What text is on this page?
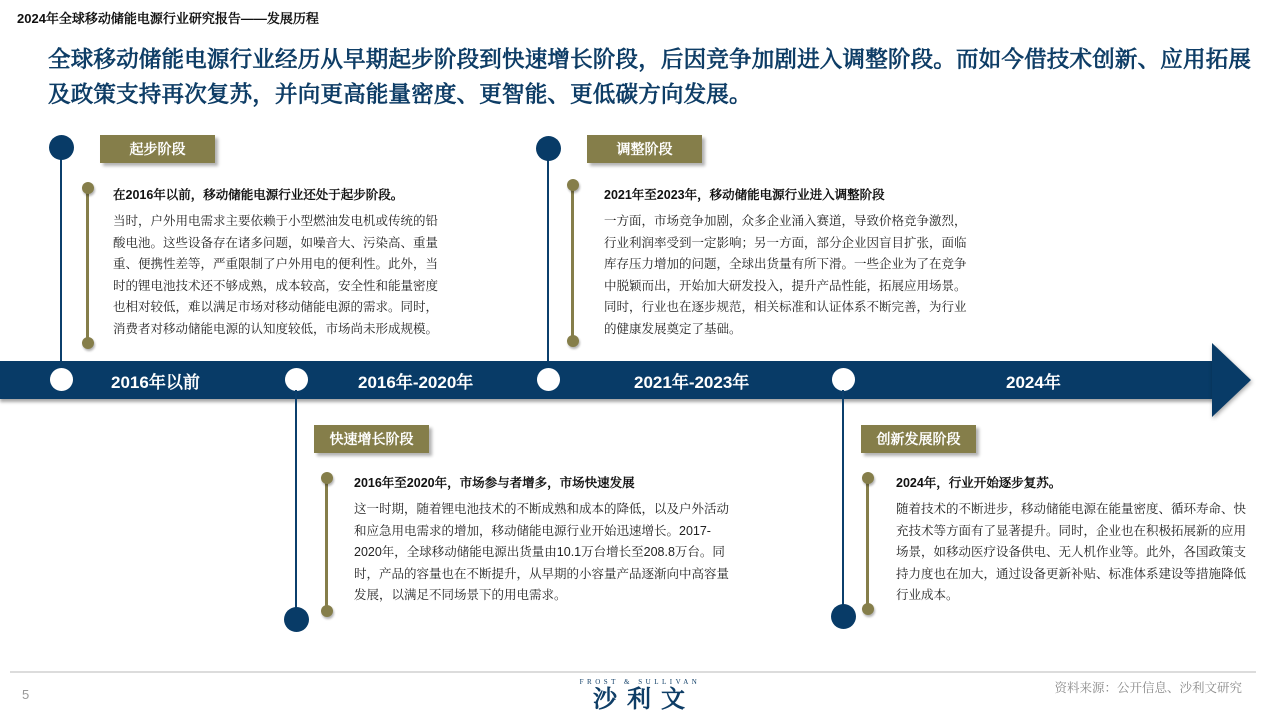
2024年全球移动储能电源行业研究报告——发展历程
全球移动储能电源行业经历从早期起步阶段到快速增长阶段，后因竞争加剧进入调整阶段。而如今借技术创新、应用拓展及政策支持再次复苏，并向更高能量密度、更智能、更低碳方向发展。
起步阶段
在2016年以前，移动储能电源行业还处于起步阶段。
当时，户外用电需求主要依赖于小型燃油发电机或传统的铅酸电池。这些设备存在诸多问题，如噪音大、污染高、重量重、便携性差等，严重限制了户外用电的便利性。此外，当时的锂电池技术还不够成熟，成本较高，安全性和能量密度也相对较低，难以满足市场对移动储能电源的需求。同时，消费者对移动储能电源的认知度较低，市场尚未形成规模。
调整阶段
2021年至2023年，移动储能电源行业进入调整阶段
一方面，市场竞争加剧，众多企业涌入赛道，导致价格竞争激烈，行业利润率受到一定影响；另一方面，部分企业因盲目扩张，面临库存压力增加的问题，全球出货量有所下滑。一些企业为了在竞争中脱颖而出，开始加大研发投入，提升产品性能，拓展应用场景。同时，行业也在逐步规范，相关标准和认证体系不断完善，为行业的健康发展奠定了基础。
2016年以前	2016年-2020年	2021年-2023年	2024年
快速增长阶段
2016年至2020年，市场参与者增多，市场快速发展
这一时期，随着锂电池技术的不断成熟和成本的降低，以及户外活动和应急用电需求的增加，移动储能电源行业开始迅速增长。2017-2020年，全球移动储能电源出货量由10.1万台增长至208.8万台。同时，产品的容量也在不断提升，从早期的小容量产品逐渐向中高容量发展，以满足不同场景下的用电需求。
创新发展阶段
2024年，行业开始逐步复苏。
随着技术的不断进步，移动储能电源在能量密度、循环寿命、快充技术等方面有了显著提升。同时，企业也在积极拓展新的应用场景，如移动医疗设备供电、无人机作业等。此外，各国政策支持力度也在加大，通过设备更新补贴、标准体系建设等措施降低行业成本。
5
FROST & SULLIVAN
沙利文	资料来源：公开信息、沙利文研究
